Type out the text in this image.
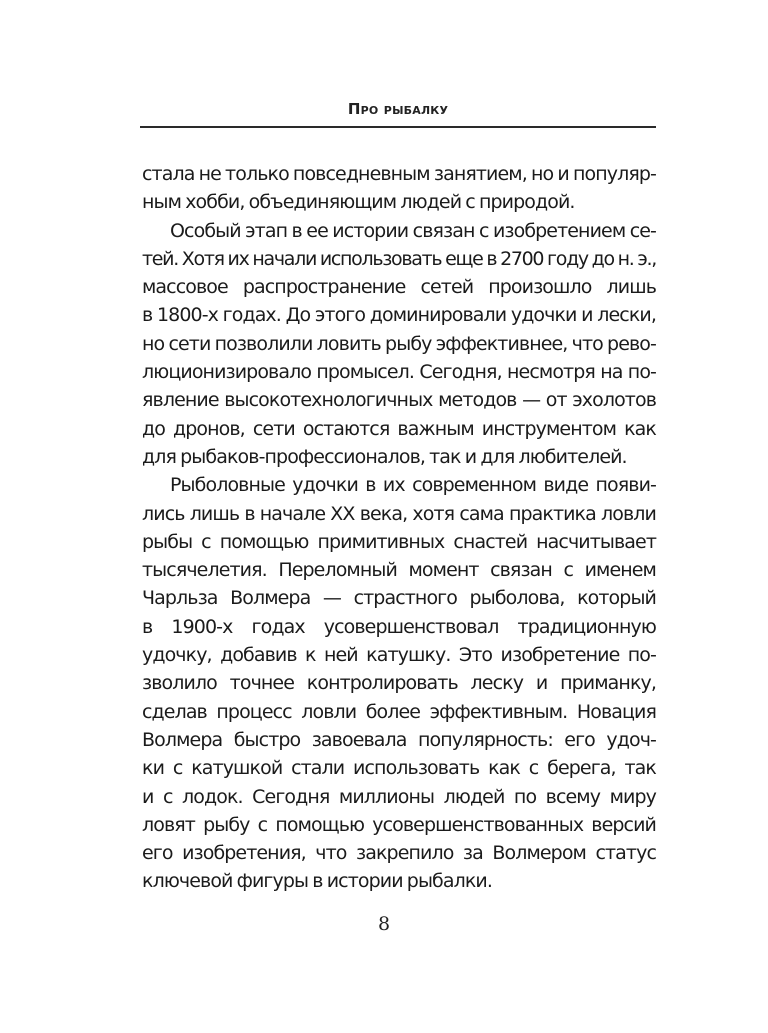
Про рыбалку
стала не только повседневным занятием, но и популяр-
ным хобби, объединяющим людей с природой.
Особый этап в ее истории связан с изобретением се-
тей. Хотя их начали использовать еще в 2700 году до н. э.,
массовое распространение сетей произошло лишь
в 1800-х годах. До этого доминировали удочки и лески,
но сети позволили ловить рыбу эффективнее, что рево-
люционизировало промысел. Сегодня, несмотря на по-
явление высокотехнологичных методов — от эхолотов
до дронов, сети остаются важным инструментом как
для рыбаков-профессионалов, так и для любителей.
Рыболовные удочки в их современном виде появи-
лись лишь в начале XX века, хотя сама практика ловли
рыбы с помощью примитивных снастей насчитывает
тысячелетия. Переломный момент связан с именем
Чарльза Волмера — страстного рыболова, который
в 1900-х годах усовершенствовал традиционную
удочку, добавив к ней катушку. Это изобретение по-
зволило точнее контролировать леску и приманку,
сделав процесс ловли более эффективным. Новация
Волмера быстро завоевала популярность: его удоч-
ки с катушкой стали использовать как с берега, так
и с лодок. Сегодня миллионы людей по всему миру
ловят рыбу с помощью усовершенствованных версий
его изобретения, что закрепило за Волмером статус
ключевой фигуры в истории рыбалки.
8
